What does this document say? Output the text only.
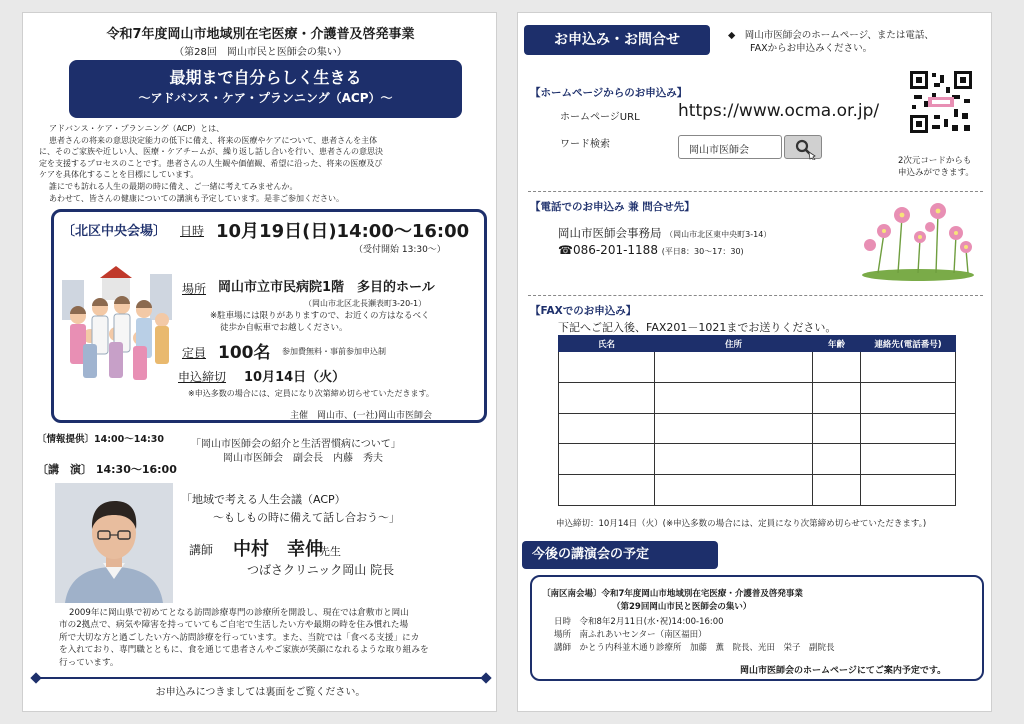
令和7年度岡山市地域別在宅医療・介護普及啓発事業
（第28回　岡山市民と医師会の集い）
最期まで自分らしく生きる
～アドバンス・ケア・プランニング（ACP）～

アドバンス・ケア・プランニング（ACP）とは、

患者さんの将来の意思決定能力の低下に備え、将来の医療やケアについて、患者さんを主体

に、そのご家族や近しい人、医療・ケアチームが、繰り返し話し合いを行い、患者さんの意思決

定を支援するプロセスのことです。患者さんの人生観や価値観、希望に沿った、将来の医療及び

ケアを具体化することを目標にしています。

誰にでも訪れる人生の最期の時に備え、ご一緒に考えてみませんか。

あわせて、皆さんの健康についての講演も予定しています。是非ご参加ください。

〔北区中央会場〕 日時 10月19日(日)14:00～16:00
（受付開始 13:30～）
場所 岡山市立市民病院1階　多目的ホール
（岡山市北区北長瀬表町3-20-1）
※駐車場には限りがありますので、お近くの方はなるべく
徒歩か自転車でお越しください。
定員 100名 参加費無料・事前参加申込制
申込締切 10月14日（火）
※申込多数の場合には、定員になり次第締め切らせていただきます。
主催　岡山市、(一社)岡山市医師会
〔情報提供〕14:00～14:30	「岡山市医師会の紹介と生活習慣病について」
岡山市医師会　副会長　内藤　秀夫
〔講　演〕 14:30～16:00
「地域で考える人生会議（ACP）
～もしもの時に備えて話し合おう～」
講師 中村　幸伸
先生
つばさクリニック岡山 院長

2009年に岡山県で初めてとなる訪問診療専門の診療所を開設し、現在では倉敷市と岡山

市の2拠点で、病気や障害を持っていてもご自宅で生活したい方や最期の時を住み慣れた場

所で大切な方と過ごしたい方へ訪問診療を行っています。また、当院では「食べる支援」にカ

を入れており、専門職とともに、食を通じて患者さんやご家族が笑顔になれるような取り組みを

行っています。

お申込みにつきましては裏面をご覧ください。
お申込み・お問合せ	◆　岡山市医師会のホームページ、または電話、

FAXからお申込みください。

【ホームページからのお申込み】
ホームページURL https://www.ocma.or.jp/
ワード検索
岡山市医師会

2次元コードからも

申込みができます。

【電話でのお申込み 兼 問合せ先】
岡山市医師会事務局 （岡山市北区東中央町3-14）
☎086-201-1188 (平日8：30～17：30)
【FAXでのお申込み】
下記へご記入後、FAX201－1021までお送りください。
氏名	住所	年齢	連絡先(電話番号)

申込締切：10月14日（火）(※申込多数の場合には、定員になり次第締め切らせていただきます。)
今後の講演会の予定
〔南区南会場〕令和7年度岡山市地域別在宅医療・介護普及啓発事業
（第29回岡山市民と医師会の集い）
日時　令和8年2月11日(水･祝)14:00-16:00
場所　南ふれあいセンター（南区福田）
講師　かとう内科並木通り診療所　加藤　薫　院長、光田　栄子　副院長
岡山市医師会のホームページにてご案内予定です。
